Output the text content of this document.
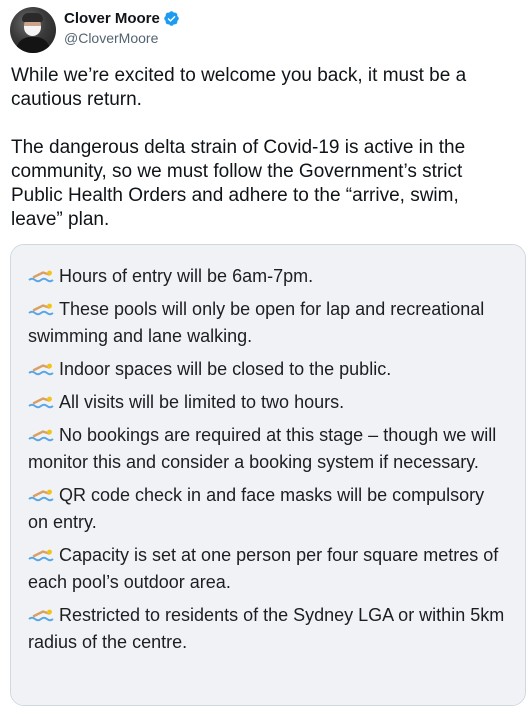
Clover Moore
@CloverMoore

While we’re excited to welcome you back, it must be a cautious return.

The dangerous delta strain of Covid-19 is active in the community, so we must follow the Government’s strict Public Health Orders and adhere to the “arrive, swim, leave” plan.

Hours of entry will be 6am-7pm.
These pools will only be open for lap and recreational swimming and lane walking.
Indoor spaces will be closed to the public.
All visits will be limited to two hours.
No bookings are required at this stage – though we will monitor this and consider a booking system if necessary.
QR code check in and face masks will be compulsory on entry.
Capacity is set at one person per four square metres of each pool’s outdoor area.
Restricted to residents of the Sydney LGA or within 5km radius of the centre.
